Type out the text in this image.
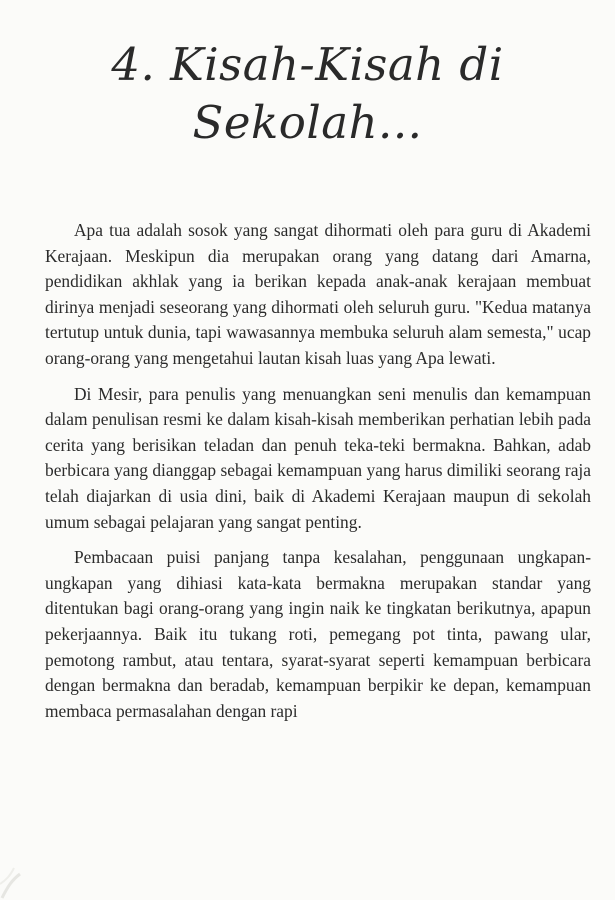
4. Kisah-Kisah di Sekolah...

Apa tua adalah sosok yang sangat dihormati oleh para guru di Akademi Kerajaan. Meskipun dia merupakan orang yang datang dari Amarna, pendidikan akhlak yang ia berikan kepada anak-anak kerajaan membuat dirinya menjadi seseorang yang dihormati oleh seluruh guru. "Kedua matanya tertutup untuk dunia, tapi wawasannya membuka seluruh alam semesta," ucap orang-orang yang mengetahui lautan kisah luas yang Apa lewati.

Di Mesir, para penulis yang menuangkan seni menulis dan kemampuan dalam penulisan resmi ke dalam kisah-kisah memberikan perhatian lebih pada cerita yang berisikan teladan dan penuh teka-teki bermakna. Bahkan, adab berbicara yang dianggap sebagai kemampuan yang harus dimiliki seorang raja telah diajarkan di usia dini, baik di Akademi Kerajaan maupun di sekolah umum sebagai pelajaran yang sangat penting.

Pembacaan puisi panjang tanpa kesalahan, penggunaan ungkapan-ungkapan yang dihiasi kata-kata bermakna merupakan standar yang ditentukan bagi orang-orang yang ingin naik ke tingkatan berikutnya, apapun pekerjaannya. Baik itu tukang roti, pemegang pot tinta, pawang ular, pemotong rambut, atau tentara, syarat-syarat seperti kemampuan berbicara dengan bermakna dan beradab, kemampuan berpikir ke depan, kemampuan membaca permasalahan dengan rapi
